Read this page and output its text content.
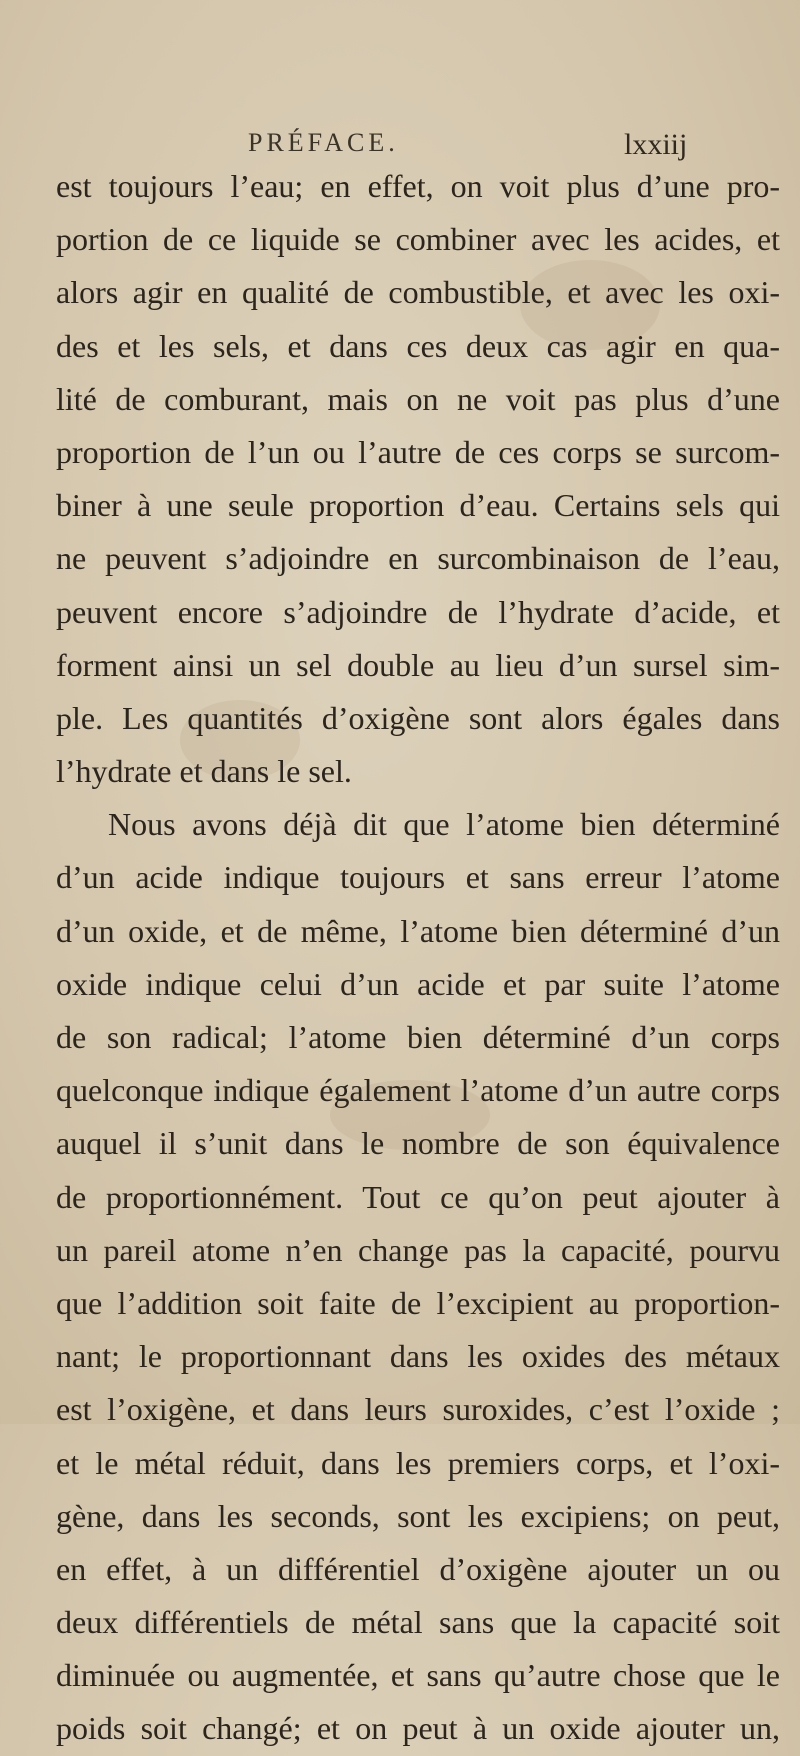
PRÉFACE.	lxxiij
est toujours l’eau; en effet, on voit plus d’une pro-
portion de ce liquide se combiner avec les acides, et
alors agir en qualité de combustible, et avec les oxi-
des et les sels, et dans ces deux cas agir en qua-
lité de comburant, mais on ne voit pas plus d’une
proportion de l’un ou l’autre de ces corps se surcom-
biner à une seule proportion d’eau. Certains sels qui
ne peuvent s’adjoindre en surcombinaison de l’eau,
peuvent encore s’adjoindre de l’hydrate d’acide, et
forment ainsi un sel double au lieu d’un sursel sim-
ple. Les quantités d’oxigène sont alors égales dans
l’hydrate et dans le sel.
Nous avons déjà dit que l’atome bien déterminé
d’un acide indique toujours et sans erreur l’atome
d’un oxide, et de même, l’atome bien déterminé d’un
oxide indique celui d’un acide et par suite l’atome
de son radical; l’atome bien déterminé d’un corps
quelconque indique également l’atome d’un autre corps
auquel il s’unit dans le nombre de son équivalence
de proportionnément. Tout ce qu’on peut ajouter à
un pareil atome n’en change pas la capacité, pourvu
que l’addition soit faite de l’excipient au proportion-
nant; le proportionnant dans les oxides des métaux
est l’oxigène, et dans leurs suroxides, c’est l’oxide ;
et le métal réduit, dans les premiers corps, et l’oxi-
gène, dans les seconds, sont les excipiens; on peut,
en effet, à un différentiel d’oxigène ajouter un ou
deux différentiels de métal sans que la capacité soit
diminuée ou augmentée, et sans qu’autre chose que le
poids soit changé; et on peut à un oxide ajouter un,
